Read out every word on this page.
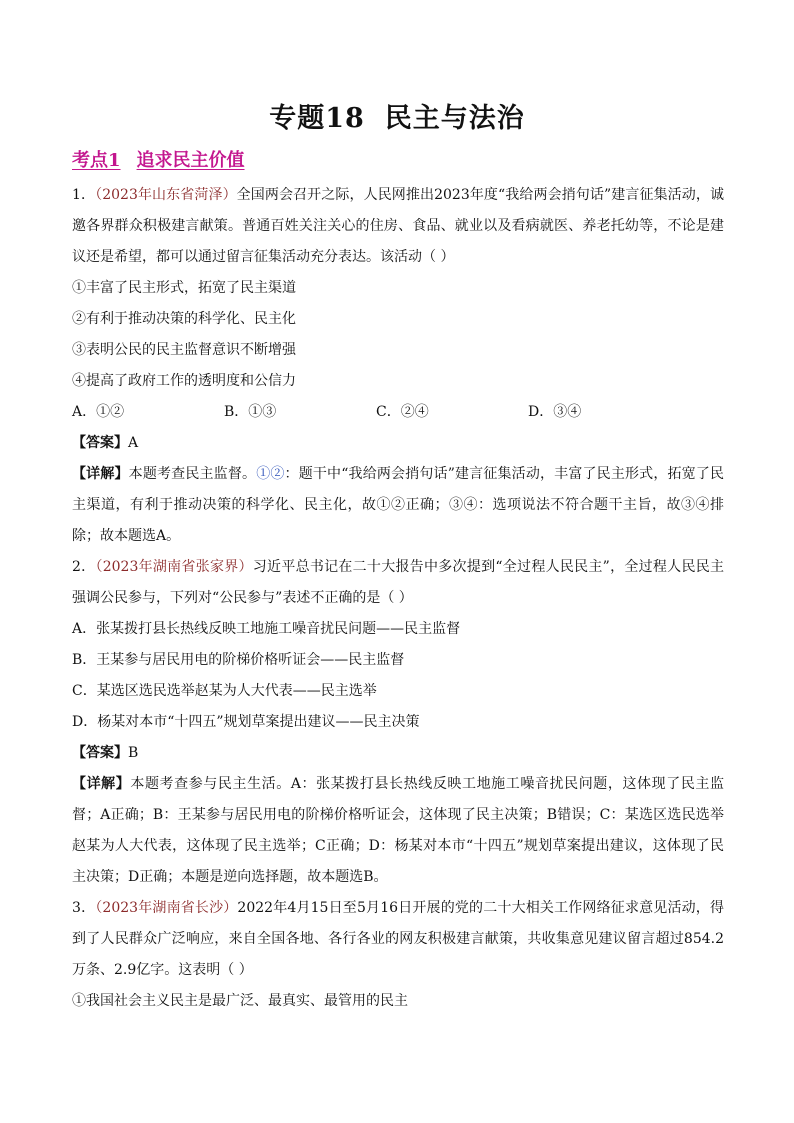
专题18 民主与法治
考点1 追求民主价值

1．（2023年山东省菏泽）全国两会召开之际，人民网推出2023年度“我给两会捎句话”建言征集活动，诚邀各界群众积极建言献策。普通百姓关注关心的住房、食品、就业以及看病就医、养老托幼等，不论是建议还是希望，都可以通过留言征集活动充分表达。该活动（ ）

①丰富了民主形式，拓宽了民主渠道

②有利于推动决策的科学化、民主化

③表明公民的民主监督意识不断增强

④提高了政府工作的透明度和公信力

A．①②	B．①③	C．②④	D．③④

【答案】A

【详解】本题考查民主监督。①②：题干中“我给两会捎句话”建言征集活动，丰富了民主形式，拓宽了民主渠道，有利于推动决策的科学化、民主化，故①②正确；③④：选项说法不符合题干主旨，故③④排除；故本题选A。

2．（2023年湖南省张家界）习近平总书记在二十大报告中多次提到“全过程人民民主”，全过程人民民主强调公民参与，下列对“公民参与”表述不正确的是（ ）

A．张某拨打县长热线反映工地施工噪音扰民问题——民主监督

B．王某参与居民用电的阶梯价格听证会——民主监督

C．某选区选民选举赵某为人大代表——民主选举

D．杨某对本市“十四五”规划草案提出建议——民主决策

【答案】B

【详解】本题考查参与民主生活。A：张某拨打县长热线反映工地施工噪音扰民问题，这体现了民主监督；A正确；B：王某参与居民用电的阶梯价格听证会，这体现了民主决策；B错误；C：某选区选民选举赵某为人大代表，这体现了民主选举；C正确；D：杨某对本市“十四五”规划草案提出建议，这体现了民主决策；D正确；本题是逆向选择题，故本题选B。

3．（2023年湖南省长沙）2022年4月15日至5月16日开展的党的二十大相关工作网络征求意见活动，得到了人民群众广泛响应，来自全国各地、各行各业的网友积极建言献策，共收集意见建议留言超过854.2万条、2.9亿字。这表明（ ）

①我国社会主义民主是最广泛、最真实、最管用的民主
